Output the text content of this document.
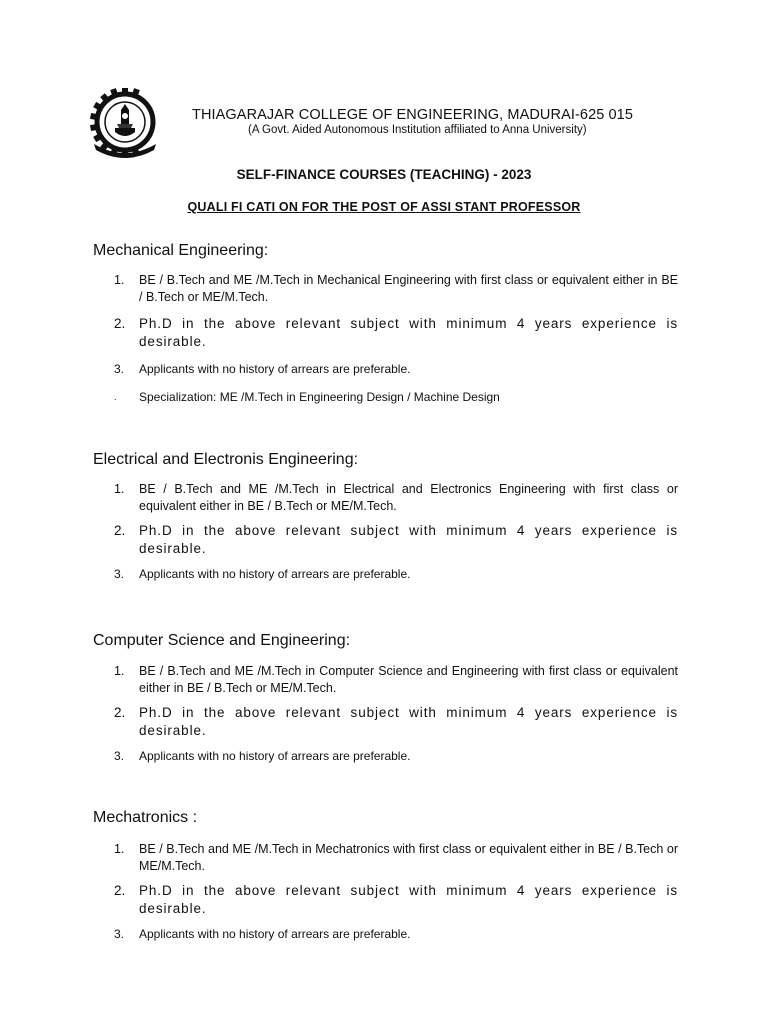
THIAGARAJAR COLLEGE OF ENGINEERING, MADURAI-625 015
(A Govt. Aided Autonomous Institution affiliated to Anna University)
SELF-FINANCE COURSES (TEACHING) - 2023
QUALI FI CATI ON FOR THE POST OF ASSI STANT PROFESSOR
Mechanical Engineering:
1. BE / B.Tech and ME /M.Tech in Mechanical Engineering with first class or equivalent either in BE / B.Tech or ME/M.Tech.
2. Ph.D in the above relevant subject with minimum 4 years experience is desirable.
3. Applicants with no history of arrears are preferable.
. Specialization: ME /M.Tech in Engineering Design / Machine Design
Electrical and Electronis Engineering:
1. BE / B.Tech and ME /M.Tech in Electrical and Electronics Engineering with first class or equivalent either in BE / B.Tech or ME/M.Tech.
2. Ph.D in the above relevant subject with minimum 4 years experience is desirable.
3. Applicants with no history of arrears are preferable.
Computer Science and Engineering:
1. BE / B.Tech and ME /M.Tech in Computer Science and Engineering with first class or equivalent either in BE / B.Tech or ME/M.Tech.
2. Ph.D in the above relevant subject with minimum 4 years experience is desirable.
3. Applicants with no history of arrears are preferable.
Mechatronics :
1. BE / B.Tech and ME /M.Tech in Mechatronics with first class or equivalent either in BE / B.Tech or ME/M.Tech.
2. Ph.D in the above relevant subject with minimum 4 years experience is desirable.
3. Applicants with no history of arrears are preferable.
